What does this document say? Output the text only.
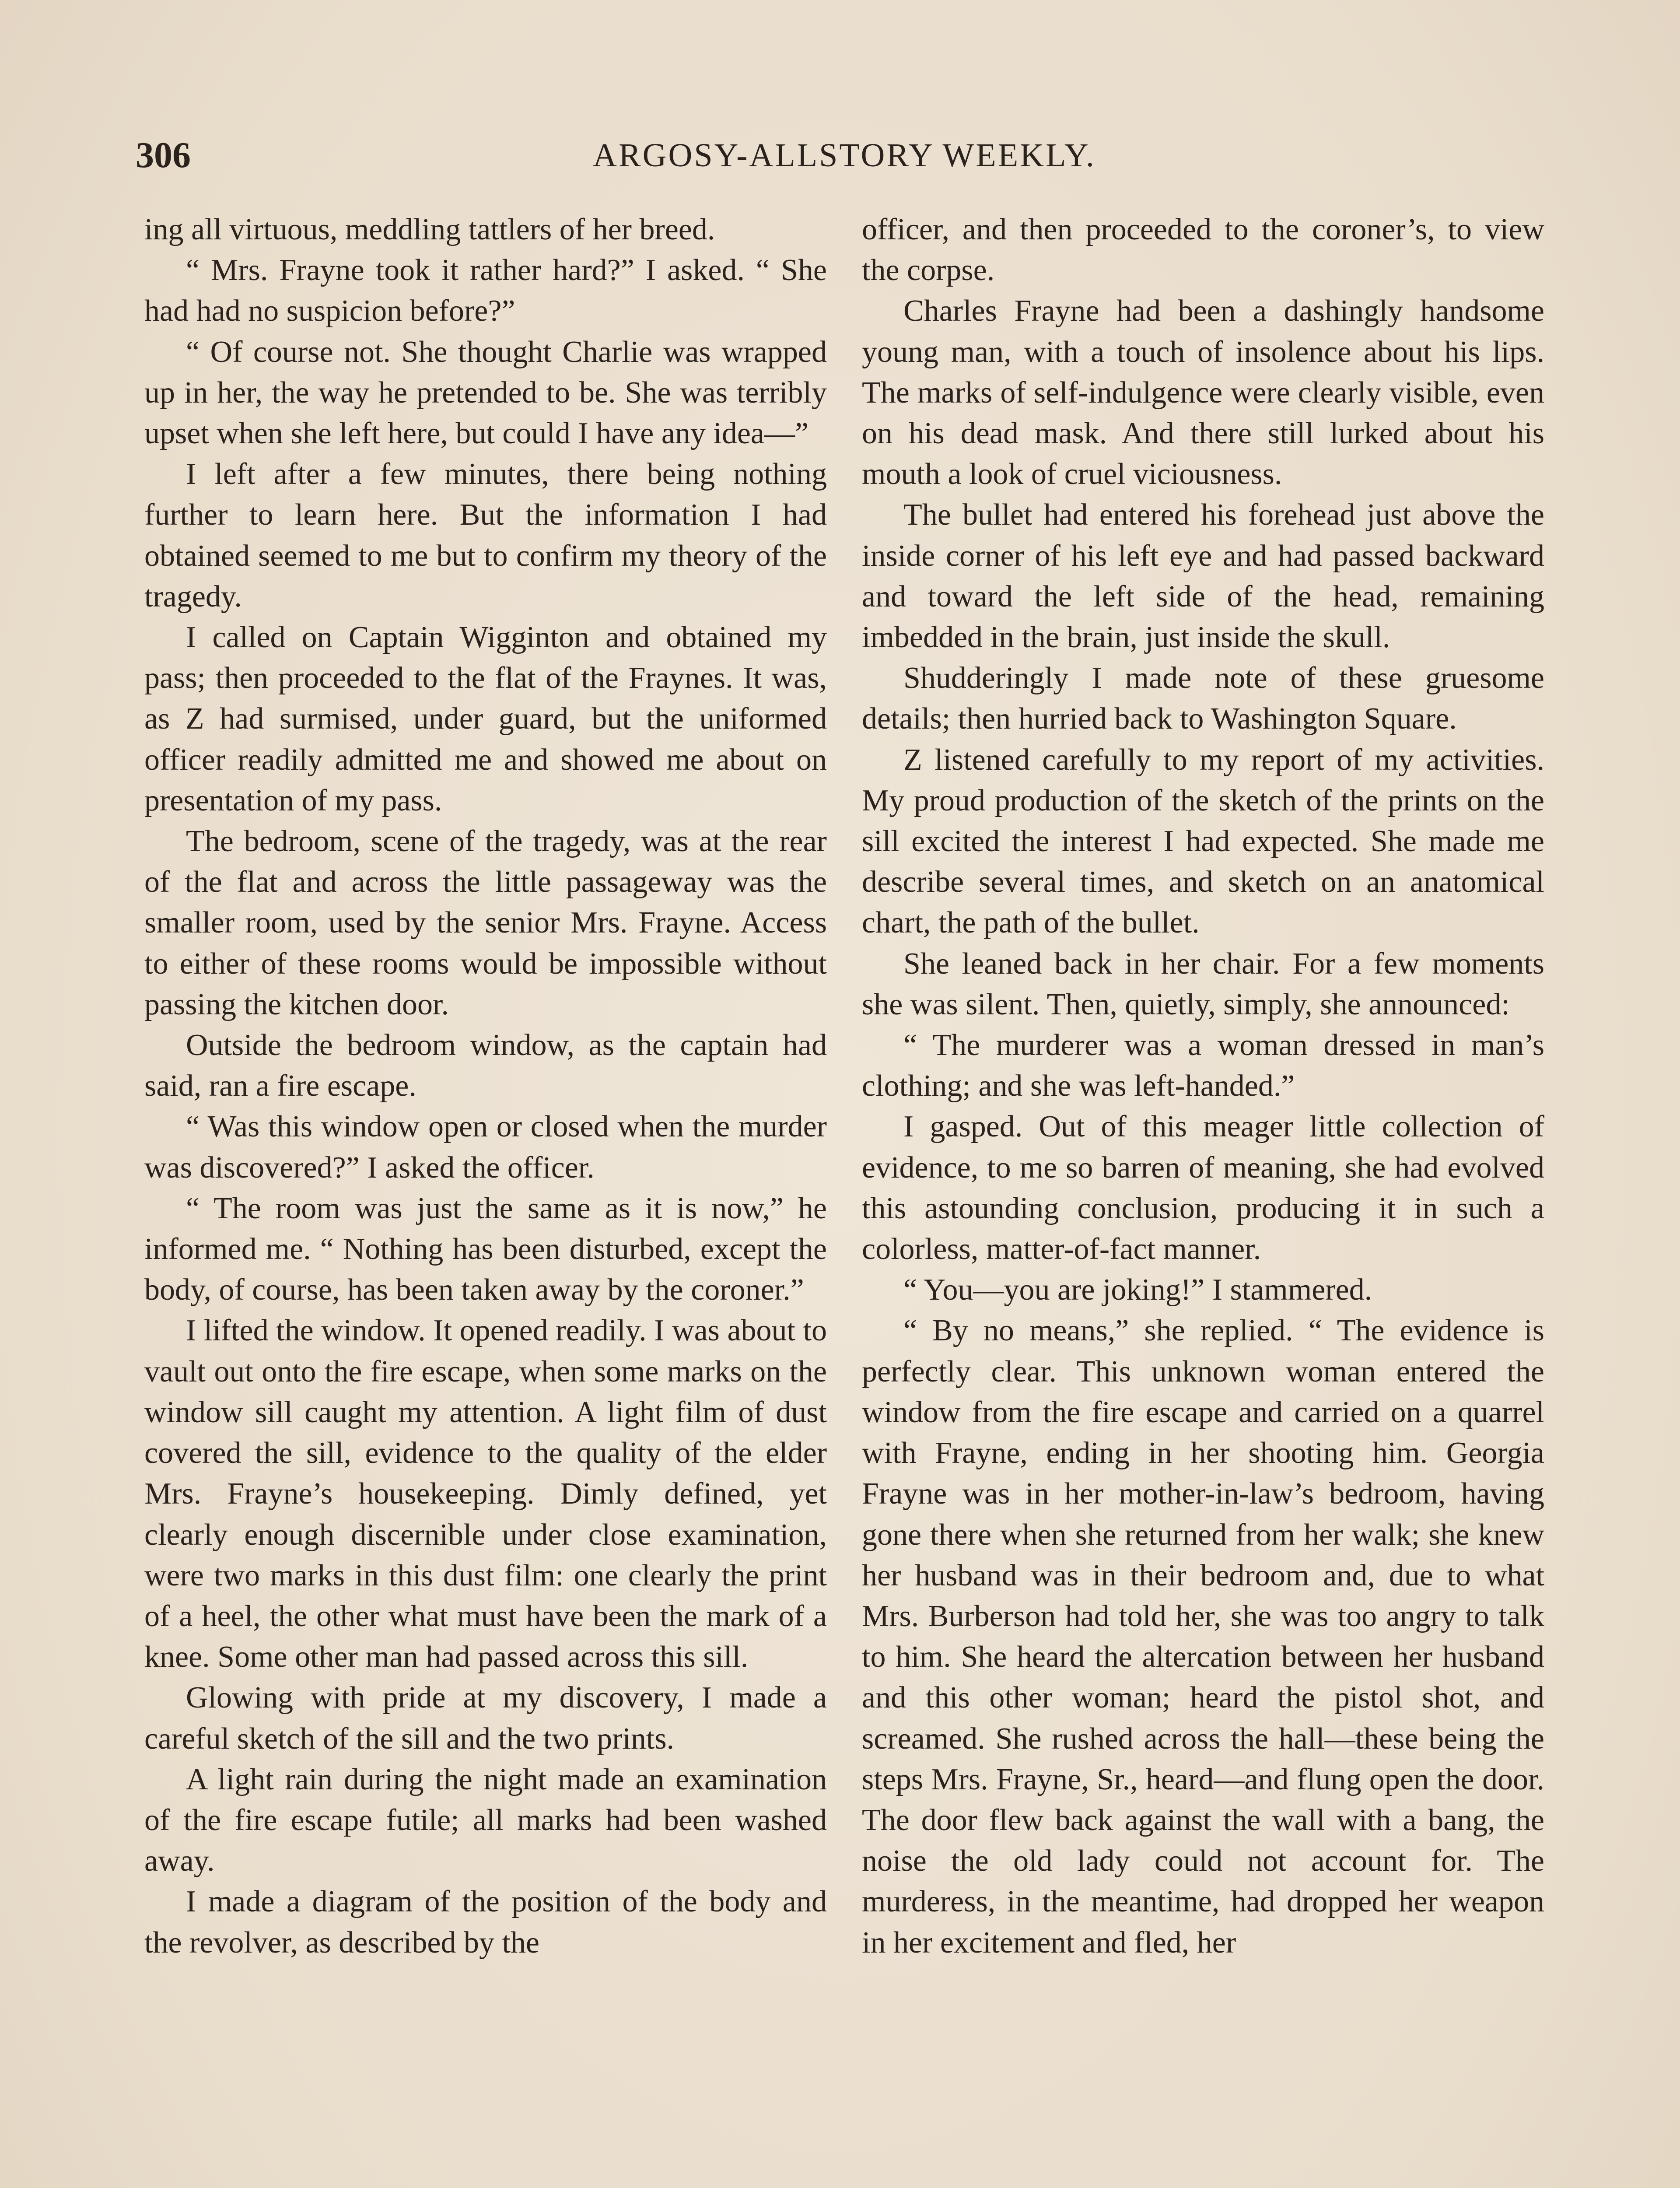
306	ARGOSY-ALLSTORY WEEKLY.

ing all virtuous, meddling tattlers of her breed.

“ Mrs. Frayne took it rather hard?” I asked. “ She had had no suspicion before?”

“ Of course not. She thought Charlie was wrapped up in her, the way he pretended to be. She was terribly upset when she left here, but could I have any idea—”

I left after a few minutes, there being nothing further to learn here. But the information I had obtained seemed to me but to confirm my theory of the tragedy.

I called on Captain Wigginton and obtained my pass; then proceeded to the flat of the Fraynes. It was, as Z had surmised, under guard, but the uniformed officer readily admitted me and showed me about on presentation of my pass.

The bedroom, scene of the tragedy, was at the rear of the flat and across the little passageway was the smaller room, used by the senior Mrs. Frayne. Access to either of these rooms would be impossible without passing the kitchen door.

Outside the bedroom window, as the captain had said, ran a fire escape.

“ Was this window open or closed when the murder was discovered?” I asked the officer.

“ The room was just the same as it is now,” he informed me. “ Nothing has been disturbed, except the body, of course, has been taken away by the coroner.”

I lifted the window. It opened readily. I was about to vault out onto the fire escape, when some marks on the window sill caught my attention. A light film of dust covered the sill, evidence to the quality of the elder Mrs. Frayne’s housekeeping. Dimly defined, yet clearly enough discernible under close examination, were two marks in this dust film: one clearly the print of a heel, the other what must have been the mark of a knee. Some other man had passed across this sill.

Glowing with pride at my discovery, I made a careful sketch of the sill and the two prints.

A light rain during the night made an examination of the fire escape futile; all marks had been washed away.

I made a diagram of the position of the body and the revolver, as described by the

officer, and then proceeded to the coroner’s, to view the corpse.

Charles Frayne had been a dashingly handsome young man, with a touch of insolence about his lips. The marks of self-indulgence were clearly visible, even on his dead mask. And there still lurked about his mouth a look of cruel viciousness.

The bullet had entered his forehead just above the inside corner of his left eye and had passed backward and toward the left side of the head, remaining imbedded in the brain, just inside the skull.

Shudderingly I made note of these gruesome details; then hurried back to Washington Square.

Z listened carefully to my report of my activities. My proud production of the sketch of the prints on the sill excited the interest I had expected. She made me describe several times, and sketch on an anatomical chart, the path of the bullet.

She leaned back in her chair. For a few moments she was silent. Then, quietly, simply, she announced:

“ The murderer was a woman dressed in man’s clothing; and she was left-handed.”

I gasped. Out of this meager little collection of evidence, to me so barren of meaning, she had evolved this astounding conclusion, producing it in such a colorless, matter-of-fact manner.

“ You—you are joking!” I stammered.

“ By no means,” she replied. “ The evidence is perfectly clear. This unknown woman entered the window from the fire escape and carried on a quarrel with Frayne, ending in her shooting him. Georgia Frayne was in her mother-in-law’s bedroom, having gone there when she returned from her walk; she knew her husband was in their bedroom and, due to what Mrs. Burberson had told her, she was too angry to talk to him. She heard the altercation between her husband and this other woman; heard the pistol shot, and screamed. She rushed across the hall—these being the steps Mrs. Frayne, Sr., heard—and flung open the door. The door flew back against the wall with a bang, the noise the old lady could not account for. The murderess, in the meantime, had dropped her weapon in her excitement and fled, her
